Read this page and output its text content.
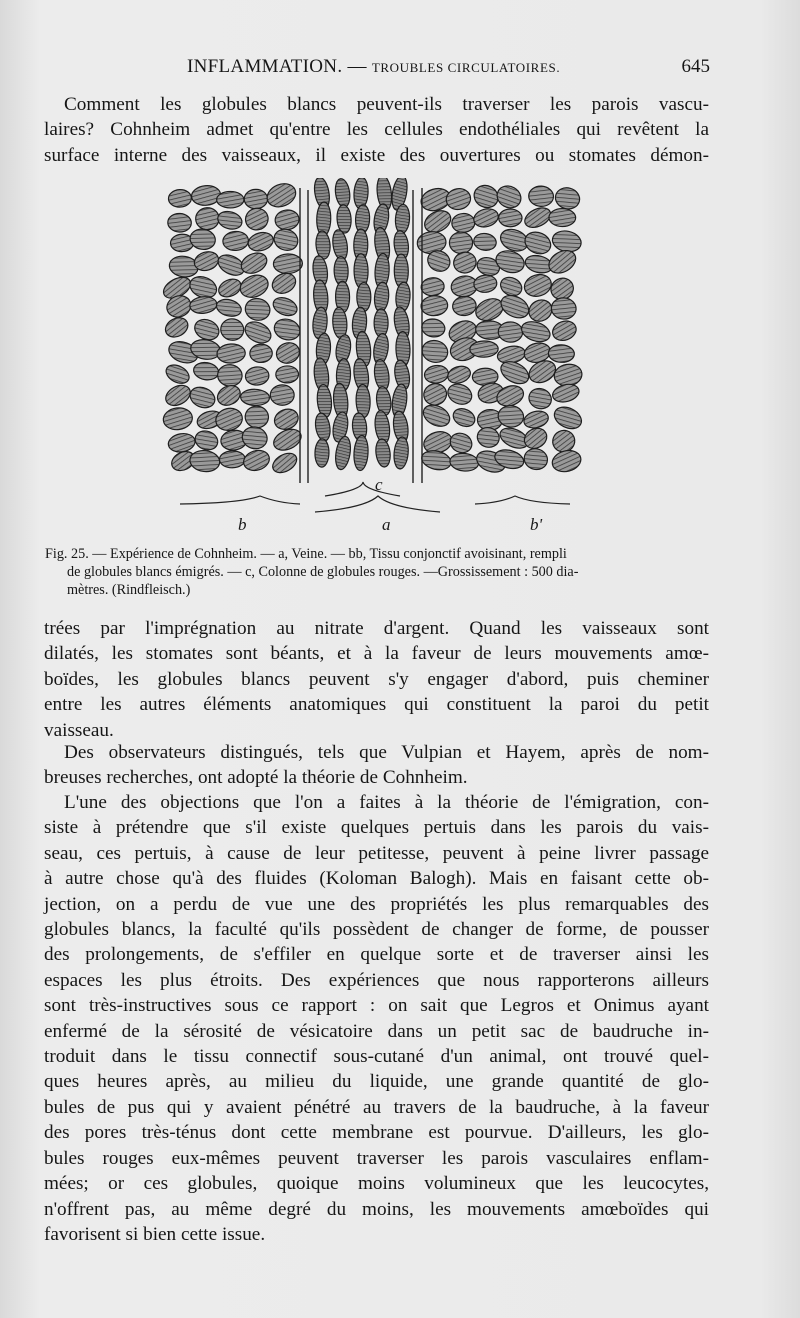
INFLAMMATION. — TROUBLES CIRCULATOIRES.	645
Comment les globules blancs peuvent-ils traverser les parois vascu-
laires? Cohnheim admet qu'entre les cellules endothéliales qui revêtent la
surface interne des vaisseaux, il existe des ouvertures ou stomates démon-
c
b	a	b'
Fig. 25. — Expérience de Cohnheim. — a, Veine. — bb, Tissu conjonctif avoisinant, rempli
de globules blancs émigrés. — c, Colonne de globules rouges. —Grossissement : 500 dia-
mètres. (Rindfleisch.)
trées par l'imprégnation au nitrate d'argent. Quand les vaisseaux sont
dilatés, les stomates sont béants, et à la faveur de leurs mouvements amœ-
boïdes, les globules blancs peuvent s'y engager d'abord, puis cheminer
entre les autres éléments anatomiques qui constituent la paroi du petit
vaisseau.
Des observateurs distingués, tels que Vulpian et Hayem, après de nom-
breuses recherches, ont adopté la théorie de Cohnheim.
L'une des objections que l'on a faites à la théorie de l'émigration, con-
siste à prétendre que s'il existe quelques pertuis dans les parois du vais-
seau, ces pertuis, à cause de leur petitesse, peuvent à peine livrer passage
à autre chose qu'à des fluides (Koloman Balogh). Mais en faisant cette ob-
jection, on a perdu de vue une des propriétés les plus remarquables des
globules blancs, la faculté qu'ils possèdent de changer de forme, de pousser
des prolongements, de s'effiler en quelque sorte et de traverser ainsi les
espaces les plus étroits. Des expériences que nous rapporterons ailleurs
sont très-instructives sous ce rapport : on sait que Legros et Onimus ayant
enfermé de la sérosité de vésicatoire dans un petit sac de baudruche in-
troduit dans le tissu connectif sous-cutané d'un animal, ont trouvé quel-
ques heures après, au milieu du liquide, une grande quantité de glo-
bules de pus qui y avaient pénétré au travers de la baudruche, à la faveur
des pores très-ténus dont cette membrane est pourvue. D'ailleurs, les glo-
bules rouges eux-mêmes peuvent traverser les parois vasculaires enflam-
mées; or ces globules, quoique moins volumineux que les leucocytes,
n'offrent pas, au même degré du moins, les mouvements amœboïdes qui
favorisent si bien cette issue.
